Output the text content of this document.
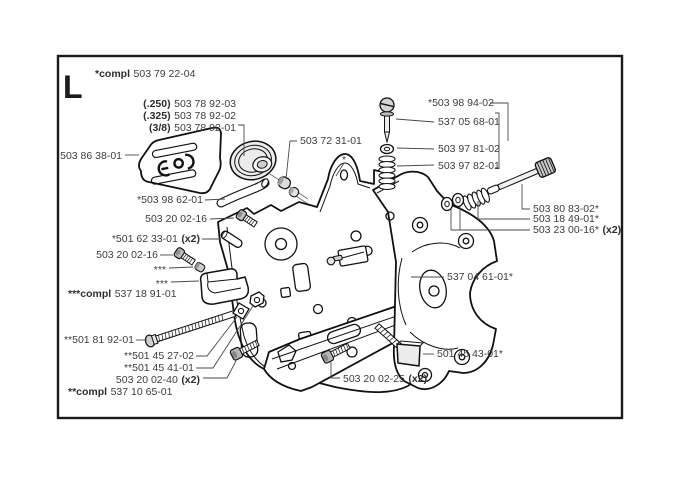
L *compl 503 79 22-04
(.250) 503 78 92-03
(.325) 503 78 92-02
(3/8) 503 78 92-01
503 86 38-01
503 72 31-01
*
*503 98 94-02
537 05 68-01
503 97 81-02
503 97 82-01
*503 98 62-01
503 20 02-16
*501 62 33-01 (x2)
503 20 02-16
***
***
***compl 537 18 91-01
**501 81 92-01
**501 45 27-02
**501 45 41-01
503 20 02-40 (x2)
**compl 537 10 65-01
503 20 02-25 (x2)
501 45 43-01*
537 04 61-01*
503 80 83-02*
503 18 49-01*
503 23 00-16* (x2)
